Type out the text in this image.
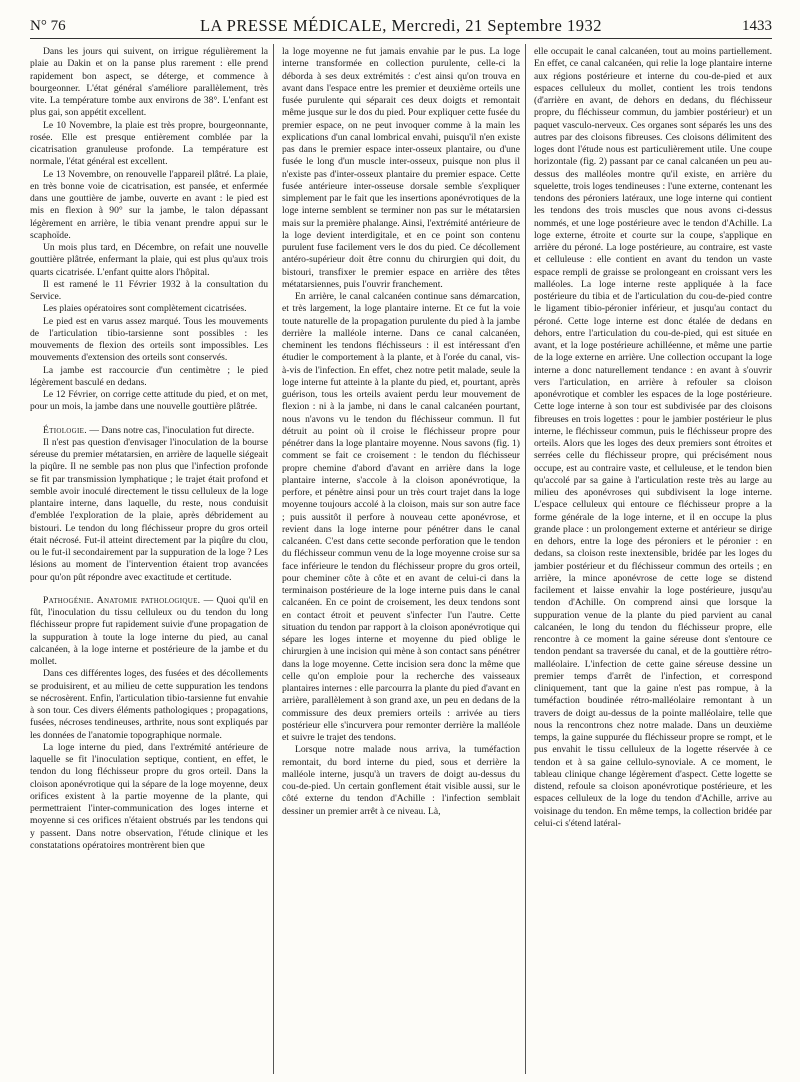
N° 76	LA PRESSE MÉDICALE, Mercredi, 21 Septembre 1932	1433

Dans les jours qui suivent, on irrigue régulièrement la plaie au Dakin et on la panse plus rarement : elle prend rapidement bon aspect, se déterge, et commence à bourgeonner. L'état général s'améliore parallèlement, très vite. La température tombe aux environs de 38°. L'enfant est plus gai, son appétit excellent.

Le 10 Novembre, la plaie est très propre, bourgeonnante, rosée. Elle est presque entièrement comblée par la cicatrisation granuleuse profonde. La température est normale, l'état général est excellent.

Le 13 Novembre, on renouvelle l'appareil plâtré. La plaie, en très bonne voie de cicatrisation, est pansée, et enfermée dans une gouttière de jambe, ouverte en avant : le pied est mis en flexion à 90° sur la jambe, le talon dépassant légèrement en arrière, le tibia venant prendre appui sur le scaphoïde.

Un mois plus tard, en Décembre, on refait une nouvelle gouttière plâtrée, enfermant la plaie, qui est plus qu'aux trois quarts cicatrisée. L'enfant quitte alors l'hôpital.

Il est ramené le 11 Février 1932 à la consultation du Service.

Les plaies opératoires sont complètement cicatrisées.

Le pied est en varus assez marqué. Tous les mouvements de l'articulation tibio-tarsienne sont possibles : les mouvements de flexion des orteils sont impossibles. Les mouvements d'extension des orteils sont conservés.

La jambe est raccourcie d'un centimètre ; le pied légèrement basculé en dedans.

Le 12 Février, on corrige cette attitude du pied, et on met, pour un mois, la jambe dans une nouvelle gouttière plâtrée.

Étiologie. — Dans notre cas, l'inoculation fut directe.

Il n'est pas question d'envisager l'inoculation de la bourse séreuse du premier métatarsien, en arrière de laquelle siégeait la piqûre. Il ne semble pas non plus que l'infection profonde se fit par transmission lymphatique ; le trajet était profond et semble avoir inoculé directement le tissu celluleux de la loge plantaire interne, dans laquelle, du reste, nous conduisit d'emblée l'exploration de la plaie, après débridement au bistouri. Le tendon du long fléchisseur propre du gros orteil était nécrosé. Fut-il atteint directement par la piqûre du clou, ou le fut-il secondairement par la suppuration de la loge ? Les lésions au moment de l'intervention étaient trop avancées pour qu'on pût répondre avec exactitude et certitude.

Pathogénie. Anatomie pathologique. — Quoi qu'il en fût, l'inoculation du tissu celluleux ou du tendon du long fléchisseur propre fut rapidement suivie d'une propagation de la suppuration à toute la loge interne du pied, au canal calcanéen, à la loge interne et postérieure de la jambe et du mollet.

Dans ces différentes loges, des fusées et des décollements se produisirent, et au milieu de cette suppuration les tendons se nécrosèrent. Enfin, l'articulation tibio-tarsienne fut envahie à son tour. Ces divers éléments pathologiques ; propagations, fusées, nécroses tendineuses, arthrite, nous sont expliqués par les données de l'anatomie topographique normale.

La loge interne du pied, dans l'extrémité antérieure de laquelle se fit l'inoculation septique, contient, en effet, le tendon du long fléchisseur propre du gros orteil. Dans la cloison aponévrotique qui la sépare de la loge moyenne, deux orifices existent à la partie moyenne de la plante, qui permettraient l'inter-communication des loges interne et moyenne si ces orifices n'étaient obstrués par les tendons qui y passent. Dans notre observation, l'étude clinique et les constatations opératoires montrèrent bien que

la loge moyenne ne fut jamais envahie par le pus. La loge interne transformée en collection purulente, celle-ci la déborda à ses deux extrémités : c'est ainsi qu'on trouva en avant dans l'espace entre les premier et deuxième orteils une fusée purulente qui séparait ces deux doigts et remontait même jusque sur le dos du pied. Pour expliquer cette fusée du premier espace, on ne peut invoquer comme à la main les explications d'un canal lombrical envahi, puisqu'il n'en existe pas dans le premier espace inter-osseux plantaire, ou d'une fusée le long d'un muscle inter-osseux, puisque non plus il n'existe pas d'inter-osseux plantaire du premier espace. Cette fusée antérieure inter-osseuse dorsale semble s'expliquer simplement par le fait que les insertions aponévrotiques de la loge interne semblent se terminer non pas sur le métatarsien mais sur la première phalange. Ainsi, l'extrémité antérieure de la loge devient interdigitale, et en ce point son contenu purulent fuse facilement vers le dos du pied. Ce décollement antéro-supérieur doit être connu du chirurgien qui doit, du bistouri, transfixer le premier espace en arrière des têtes métatarsiennes, puis l'ouvrir franchement.

En arrière, le canal calcanéen continue sans démarcation, et très largement, la loge plantaire interne. Et ce fut la voie toute naturelle de la propagation purulente du pied à la jambe derrière la malléole interne. Dans ce canal calcanéen, cheminent les tendons fléchisseurs : il est intéressant d'en étudier le comportement à la plante, et à l'orée du canal, vis-à-vis de l'infection. En effet, chez notre petit malade, seule la loge interne fut atteinte à la plante du pied, et, pourtant, après guérison, tous les orteils avaient perdu leur mouvement de flexion : ni à la jambe, ni dans le canal calcanéen pourtant, nous n'avons vu le tendon du fléchisseur commun. Il fut détruit au point où il croise le fléchisseur propre pour pénétrer dans la loge plantaire moyenne. Nous savons (fig. 1) comment se fait ce croisement : le tendon du fléchisseur propre chemine d'abord d'avant en arrière dans la loge plantaire interne, s'accole à la cloison aponévrotique, la perfore, et pénètre ainsi pour un très court trajet dans la loge moyenne toujours accolé à la cloison, mais sur son autre face ; puis aussitôt il perfore à nouveau cette aponévrose, et revient dans la loge interne pour pénétrer dans le canal calcanéen. C'est dans cette seconde perforation que le tendon du fléchisseur commun venu de la loge moyenne croise sur sa face inférieure le tendon du fléchisseur propre du gros orteil, pour cheminer côte à côte et en avant de celui-ci dans la terminaison postérieure de la loge interne puis dans le canal calcanéen. En ce point de croisement, les deux tendons sont en contact étroit et peuvent s'infecter l'un l'autre. Cette situation du tendon par rapport à la cloison aponévrotique qui sépare les loges interne et moyenne du pied oblige le chirurgien à une incision qui mène à son contact sans pénétrer dans la loge moyenne. Cette incision sera donc la même que celle qu'on emploie pour la recherche des vaisseaux plantaires internes : elle parcourra la plante du pied d'avant en arrière, parallèlement à son grand axe, un peu en dedans de la commissure des deux premiers orteils : arrivée au tiers postérieur elle s'incurvera pour remonter derrière la malléole et suivre le trajet des tendons.

Lorsque notre malade nous arriva, la tuméfaction remontait, du bord interne du pied, sous et derrière la malléole interne, jusqu'à un travers de doigt au-dessus du cou-de-pied. Un certain gonflement était visible aussi, sur le côté externe du tendon d'Achille : l'infection semblait dessiner un premier arrêt à ce niveau. Là,

elle occupait le canal calcanéen, tout au moins partiellement. En effet, ce canal calcanéen, qui relie la loge plantaire interne aux régions postérieure et interne du cou-de-pied et aux espaces celluleux du mollet, contient les trois tendons (d'arrière en avant, de dehors en dedans, du fléchisseur propre, du fléchisseur commun, du jambier postérieur) et un paquet vasculo-nerveux. Ces organes sont séparés les uns des autres par des cloisons fibreuses. Ces cloisons délimitent des loges dont l'étude nous est particulièrement utile. Une coupe horizontale (fig. 2) passant par ce canal calcanéen un peu au-dessus des malléoles montre qu'il existe, en arrière du squelette, trois loges tendineuses : l'une externe, contenant les tendons des péroniers latéraux, une loge interne qui contient les tendons des trois muscles que nous avons ci-dessus nommés, et une loge postérieure avec le tendon d'Achille. La loge externe, étroite et courte sur la coupe, s'applique en arrière du péroné. La loge postérieure, au contraire, est vaste et celluleuse : elle contient en avant du tendon un vaste espace rempli de graisse se prolongeant en croissant vers les malléoles. La loge interne reste appliquée à la face postérieure du tibia et de l'articulation du cou-de-pied contre le ligament tibio-péronier inférieur, et jusqu'au contact du péroné. Cette loge interne est donc étalée de dedans en dehors, entre l'articulation du cou-de-pied, qui est située en avant, et la loge postérieure achilléenne, et même une partie de la loge externe en arrière. Une collection occupant la loge interne a donc naturellement tendance : en avant à s'ouvrir vers l'articulation, en arrière à refouler sa cloison aponévrotique et combler les espaces de la loge postérieure. Cette loge interne à son tour est subdivisée par des cloisons fibreuses en trois logettes : pour le jambier postérieur le plus interne, le fléchisseur commun, puis le fléchisseur propre des orteils. Alors que les loges des deux premiers sont étroites et serrées celle du fléchisseur propre, qui précisément nous occupe, est au contraire vaste, et celluleuse, et le tendon bien qu'accolé par sa gaine à l'articulation reste très au large au milieu des aponévroses qui subdivisent la loge interne. L'espace celluleux qui entoure ce fléchisseur propre a la forme générale de la loge interne, et il en occupe la plus grande place : un prolongement externe et antérieur se dirige en dehors, entre la loge des péroniers et le péronier : en dedans, sa cloison reste inextensible, bridée par les loges du jambier postérieur et du fléchisseur commun des orteils ; en arrière, la mince aponévrose de cette loge se distend facilement et laisse envahir la loge postérieure, jusqu'au tendon d'Achille. On comprend ainsi que lorsque la suppuration venue de la plante du pied parvient au canal calcanéen, le long du tendon du fléchisseur propre, elle rencontre à ce moment la gaine séreuse dont s'entoure ce tendon pendant sa traversée du canal, et de la gouttière rétro-malléolaire. L'infection de cette gaine séreuse dessine un premier temps d'arrêt de l'infection, et correspond cliniquement, tant que la gaine n'est pas rompue, à la tuméfaction boudinée rétro-malléolaire remontant à un travers de doigt au-dessus de la pointe malléolaire, telle que nous la rencontrons chez notre malade. Dans un deuxième temps, la gaine suppurée du fléchisseur propre se rompt, et le pus envahit le tissu celluleux de la logette réservée à ce tendon et à sa gaine cellulo-synoviale. A ce moment, le tableau clinique change légèrement d'aspect. Cette logette se distend, refoule sa cloison aponévrotique postérieure, et les espaces celluleux de la loge du tendon d'Achille, arrive au voisinage du tendon. En même temps, la collection bridée par celui-ci s'étend latéral-
